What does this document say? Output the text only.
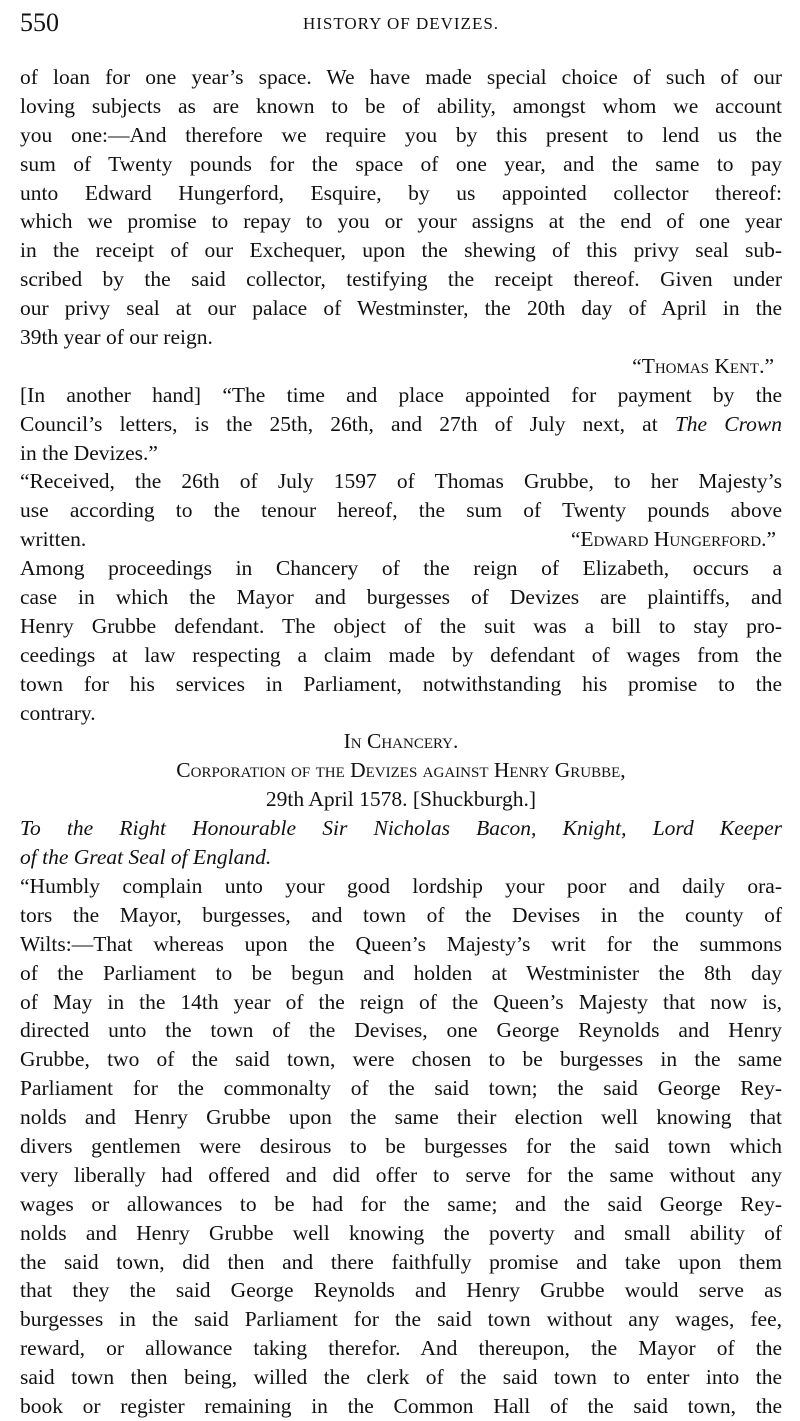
550	HISTORY OF DEVIZES.
of loan for one year’s space. We have made special choice of such of our
loving subjects as are known to be of ability, amongst whom we account
you one:—And therefore we require you by this present to lend us the
sum of Twenty pounds for the space of one year, and the same to pay
unto Edward Hungerford, Esquire, by us appointed collector thereof:
which we promise to repay to you or your assigns at the end of one year
in the receipt of our Exchequer, upon the shewing of this privy seal sub-
scribed by the said collector, testifying the receipt thereof. Given under
our privy seal at our palace of Westminster, the 20th day of April in the
39th year of our reign.
“Thomas Kent.”
[In another hand] “The time and place appointed for payment by the
Council’s letters, is the 25th, 26th, and 27th of July next, at The Crown
in the Devizes.”
“Received, the 26th of July 1597 of Thomas Grubbe, to her Majesty’s
use according to the tenour hereof, the sum of Twenty pounds above
written.	“Edward Hungerford.”
Among proceedings in Chancery of the reign of Elizabeth, occurs a
case in which the Mayor and burgesses of Devizes are plaintiffs, and
Henry Grubbe defendant. The object of the suit was a bill to stay pro-
ceedings at law respecting a claim made by defendant of wages from the
town for his services in Parliament, notwithstanding his promise to the
contrary.
In Chancery.
Corporation of the Devizes against Henry Grubbe,
29th April 1578. [Shuckburgh.]
To the Right Honourable Sir Nicholas Bacon, Knight, Lord Keeper
of the Great Seal of England.
“Humbly complain unto your good lordship your poor and daily ora-
tors the Mayor, burgesses, and town of the Devises in the county of
Wilts:—That whereas upon the Queen’s Majesty’s writ for the summons
of the Parliament to be begun and holden at Westminister the 8th day
of May in the 14th year of the reign of the Queen’s Majesty that now is,
directed unto the town of the Devises, one George Reynolds and Henry
Grubbe, two of the said town, were chosen to be burgesses in the same
Parliament for the commonalty of the said town; the said George Rey-
nolds and Henry Grubbe upon the same their election well knowing that
divers gentlemen were desirous to be burgesses for the said town which
very liberally had offered and did offer to serve for the same without any
wages or allowances to be had for the same; and the said George Rey-
nolds and Henry Grubbe well knowing the poverty and small ability of
the said town, did then and there faithfully promise and take upon them
that they the said George Reynolds and Henry Grubbe would serve as
burgesses in the said Parliament for the said town without any wages, fee,
reward, or allowance taking therefor. And thereupon, the Mayor of the
said town then being, willed the clerk of the said town to enter into the
book or register remaining in the Common Hall of the said town, the
